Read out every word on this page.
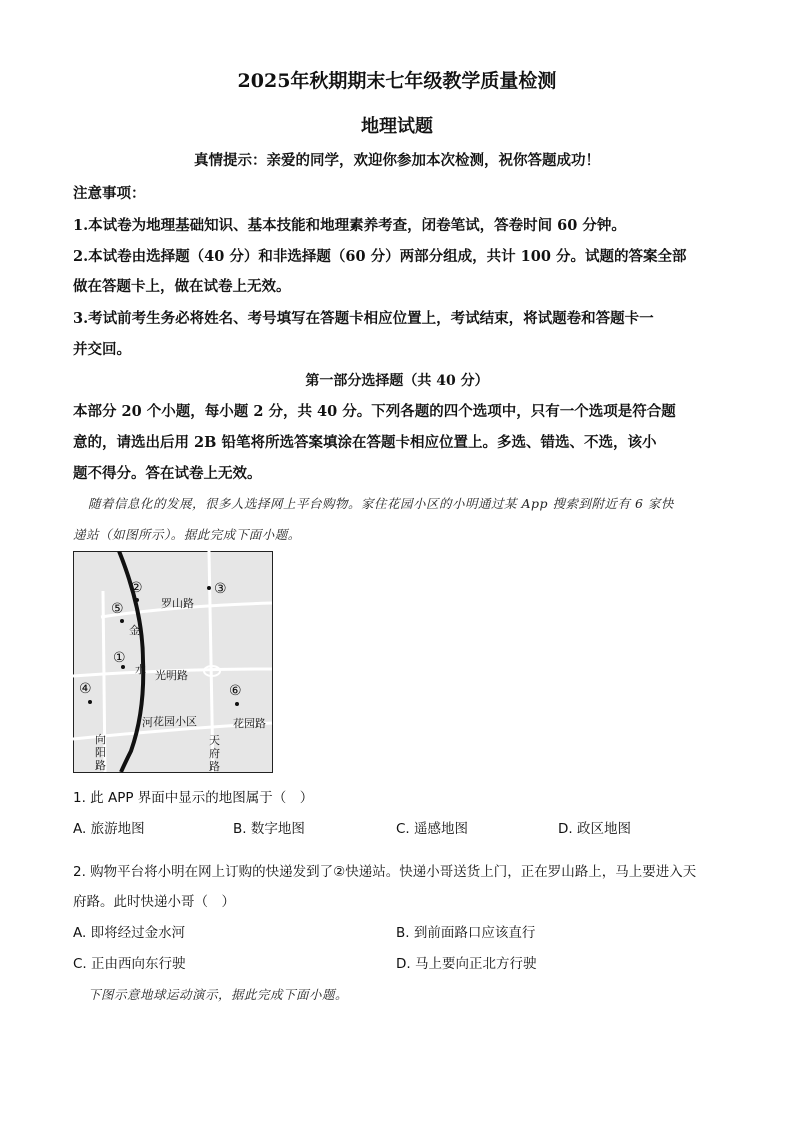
2025年秋期期末七年级教学质量检测

地理试题

真情提示：亲爱的同学，欢迎你参加本次检测，祝你答题成功！

注意事项：

1.本试卷为地理基础知识、基本技能和地理素养考查，闭卷笔试，答卷时间 60 分钟。

2.本试卷由选择题（40 分）和非选择题（60 分）两部分组成，共计 100 分。试题的答案全部

做在答题卡上，做在试卷上无效。

3.考试前考生务必将姓名、考号填写在答题卡相应位置上，考试结束，将试题卷和答题卡一

并交回。

第一部分选择题（共 40 分）

本部分 20 个小题，每小题 2 分，共 40 分。下列各题的四个选项中，只有一个选项是符合题

意的，请选出后用 2B 铅笔将所选答案填涂在答题卡相应位置上。多选、错选、不选，该小

题不得分。答在试卷上无效。

随着信息化的发展，很多人选择网上平台购物。家住花园小区的小明通过某 App 搜索到附近有 6 家快

递站（如图所示）。据此完成下面小题。

①
②	③
④
⑤
⑥
罗山路
光明路
花园路
花园小区
向
阳
路
天
府
路
金
水
河

1. 此 APP 界面中显示的地图属于（　）

A. 旅游地图	B. 数字地图	C. 遥感地图	D. 政区地图

2. 购物平台将小明在网上订购的快递发到了②快递站。快递小哥送货上门，正在罗山路上，马上要进入天

府路。此时快递小哥（　）

A. 即将经过金水河	B. 到前面路口应该直行

C. 正由西向东行驶	D. 马上要向正北方行驶

下图示意地球运动演示，据此完成下面小题。
